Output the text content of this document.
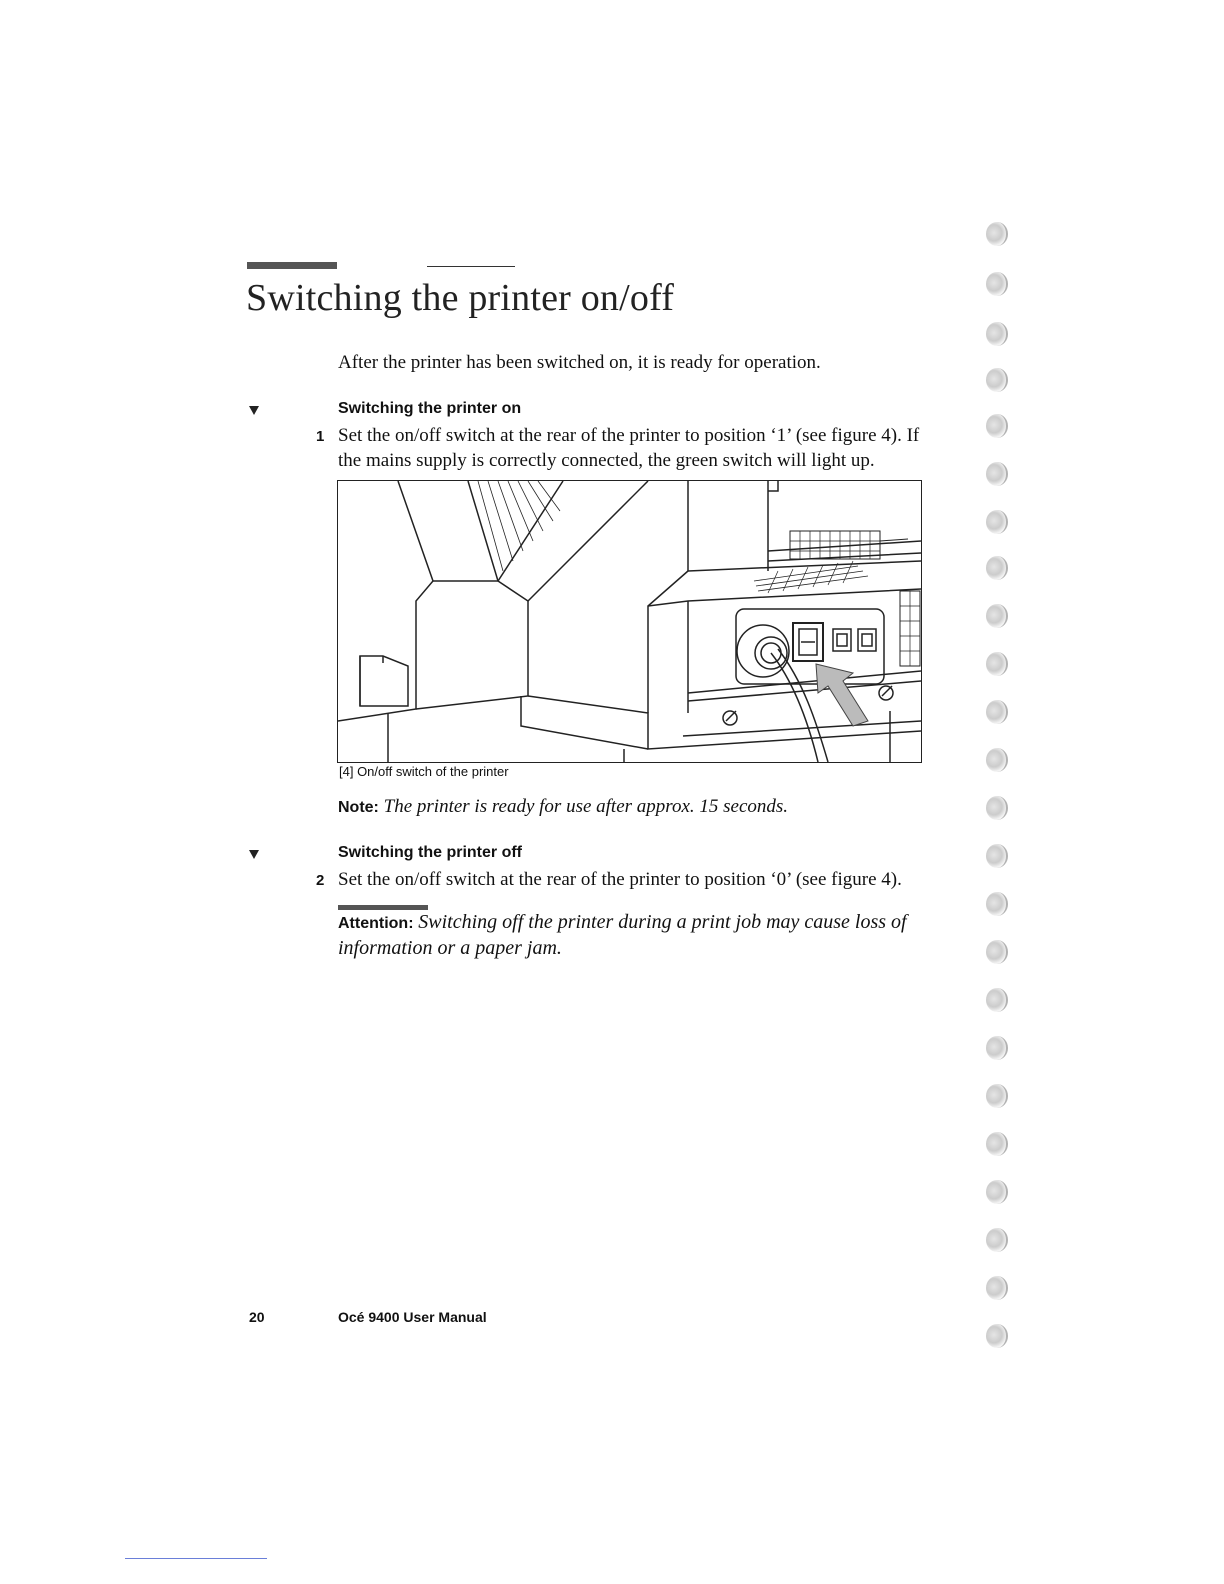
Switching the printer on/off
After the printer has been switched on, it is ready for operation.
Switching the printer on
1 Set the on/off switch at the rear of the printer to position ‘1’ (see figure 4). If the mains supply is correctly connected, the green switch will light up.
[4] On/off switch of the printer
Note: The printer is ready for use after approx. 15 seconds.
Switching the printer off
2 Set the on/off switch at the rear of the printer to position ‘0’ (see figure 4).
Attention: Switching off the printer during a print job may cause loss of information or a paper jam.
20	Océ 9400 User Manual
